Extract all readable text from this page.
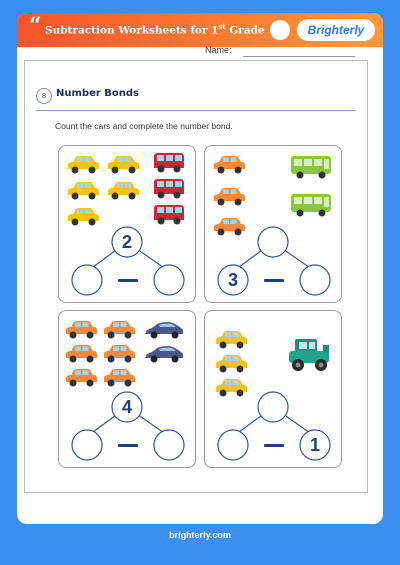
“ Subtraction Worksheets for 1st Grade	Brighterly
Name:
8 Number Bonds
Count the cars and complete the number bond.
2
3
4
1
brighterly.com
